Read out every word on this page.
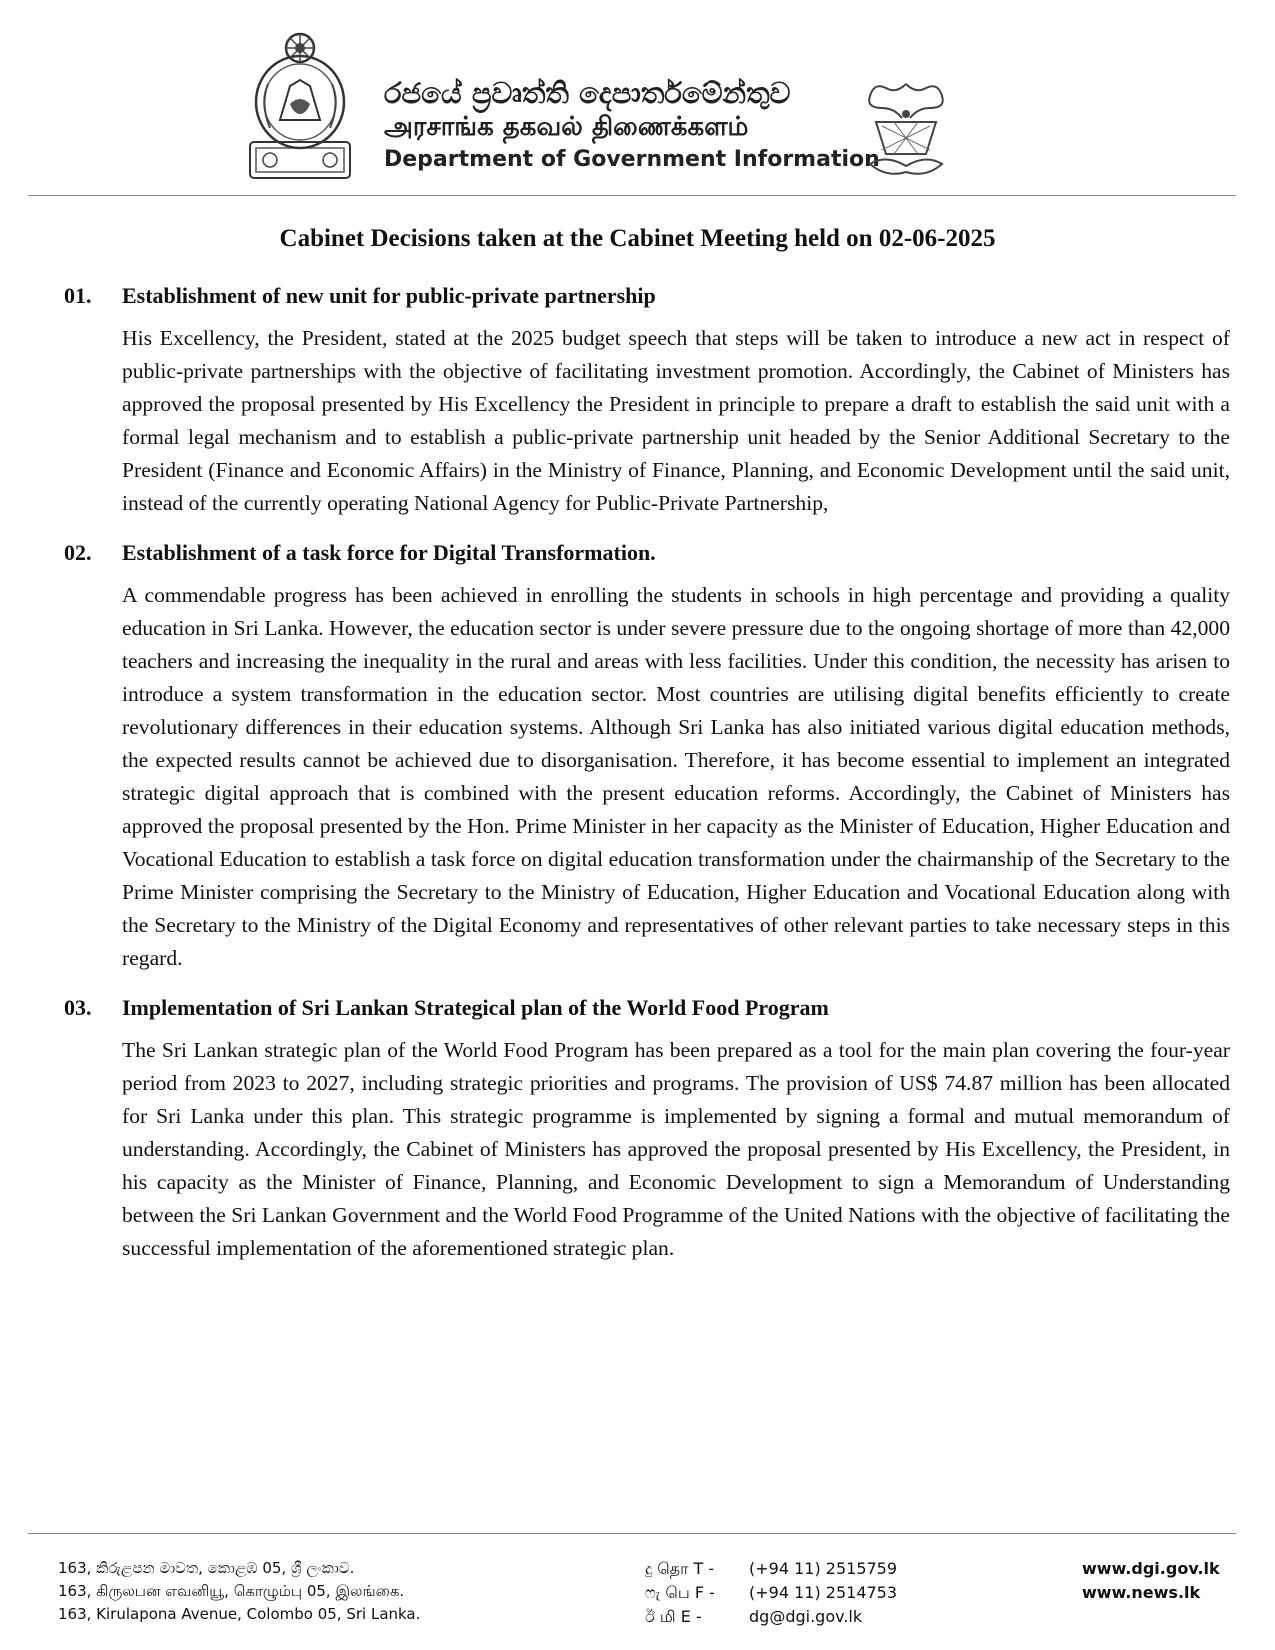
රජයේ ප්‍රවෘත්ති දෙපාර්තමේන්තුව
அரசாங்க தகவல் திணைக்களம்
Department of Government Information
Cabinet Decisions taken at the Cabinet Meeting held on 02-06-2025
01.	Establishment of new unit for public-private partnership
His Excellency, the President, stated at the 2025 budget speech that steps will be taken to introduce a new act in respect of public-private partnerships with the objective of facilitating investment promotion. Accordingly, the Cabinet of Ministers has approved the proposal presented by His Excellency the President in principle to prepare a draft to establish the said unit with a formal legal mechanism and to establish a public-private partnership unit headed by the Senior Additional Secretary to the President (Finance and Economic Affairs) in the Ministry of Finance, Planning, and Economic Development until the said unit, instead of the currently operating National Agency for Public-Private Partnership,
02.	Establishment of a task force for Digital Transformation.
A commendable progress has been achieved in enrolling the students in schools in high percentage and providing a quality education in Sri Lanka. However, the education sector is under severe pressure due to the ongoing shortage of more than 42,000 teachers and increasing the inequality in the rural and areas with less facilities. Under this condition, the necessity has arisen to introduce a system transformation in the education sector. Most countries are utilising digital benefits efficiently to create revolutionary differences in their education systems. Although Sri Lanka has also initiated various digital education methods, the expected results cannot be achieved due to disorganisation. Therefore, it has become essential to implement an integrated strategic digital approach that is combined with the present education reforms. Accordingly, the Cabinet of Ministers has approved the proposal presented by the Hon. Prime Minister in her capacity as the Minister of Education, Higher Education and Vocational Education to establish a task force on digital education transformation under the chairmanship of the Secretary to the Prime Minister comprising the Secretary to the Ministry of Education, Higher Education and Vocational Education along with the Secretary to the Ministry of the Digital Economy and representatives of other relevant parties to take necessary steps in this regard.
03.	Implementation of Sri Lankan Strategical plan of the World Food Program
The Sri Lankan strategic plan of the World Food Program has been prepared as a tool for the main plan covering the four-year period from 2023 to 2027, including strategic priorities and programs. The provision of US$ 74.87 million has been allocated for Sri Lanka under this plan. This strategic programme is implemented by signing a formal and mutual memorandum of understanding. Accordingly, the Cabinet of Ministers has approved the proposal presented by His Excellency, the President, in his capacity as the Minister of Finance, Planning, and Economic Development to sign a Memorandum of Understanding between the Sri Lankan Government and the World Food Programme of the United Nations with the objective of facilitating the successful implementation of the aforementioned strategic plan.
163, කිරුළපන මාවත, කොළඹ 05, ශ්‍රී ලංකාව.
163, கிருலபன எவனியூ, கொழும்பு 05, இலங்கை.
163, Kirulapona Avenue, Colombo 05, Sri Lanka.
දු தொ T -	(+94 11) 2515759
ෆැ பெ F -	(+94 11) 2514753
ඊ மி E -	dg@dgi.gov.lk
www.dgi.gov.lk
www.news.lk
